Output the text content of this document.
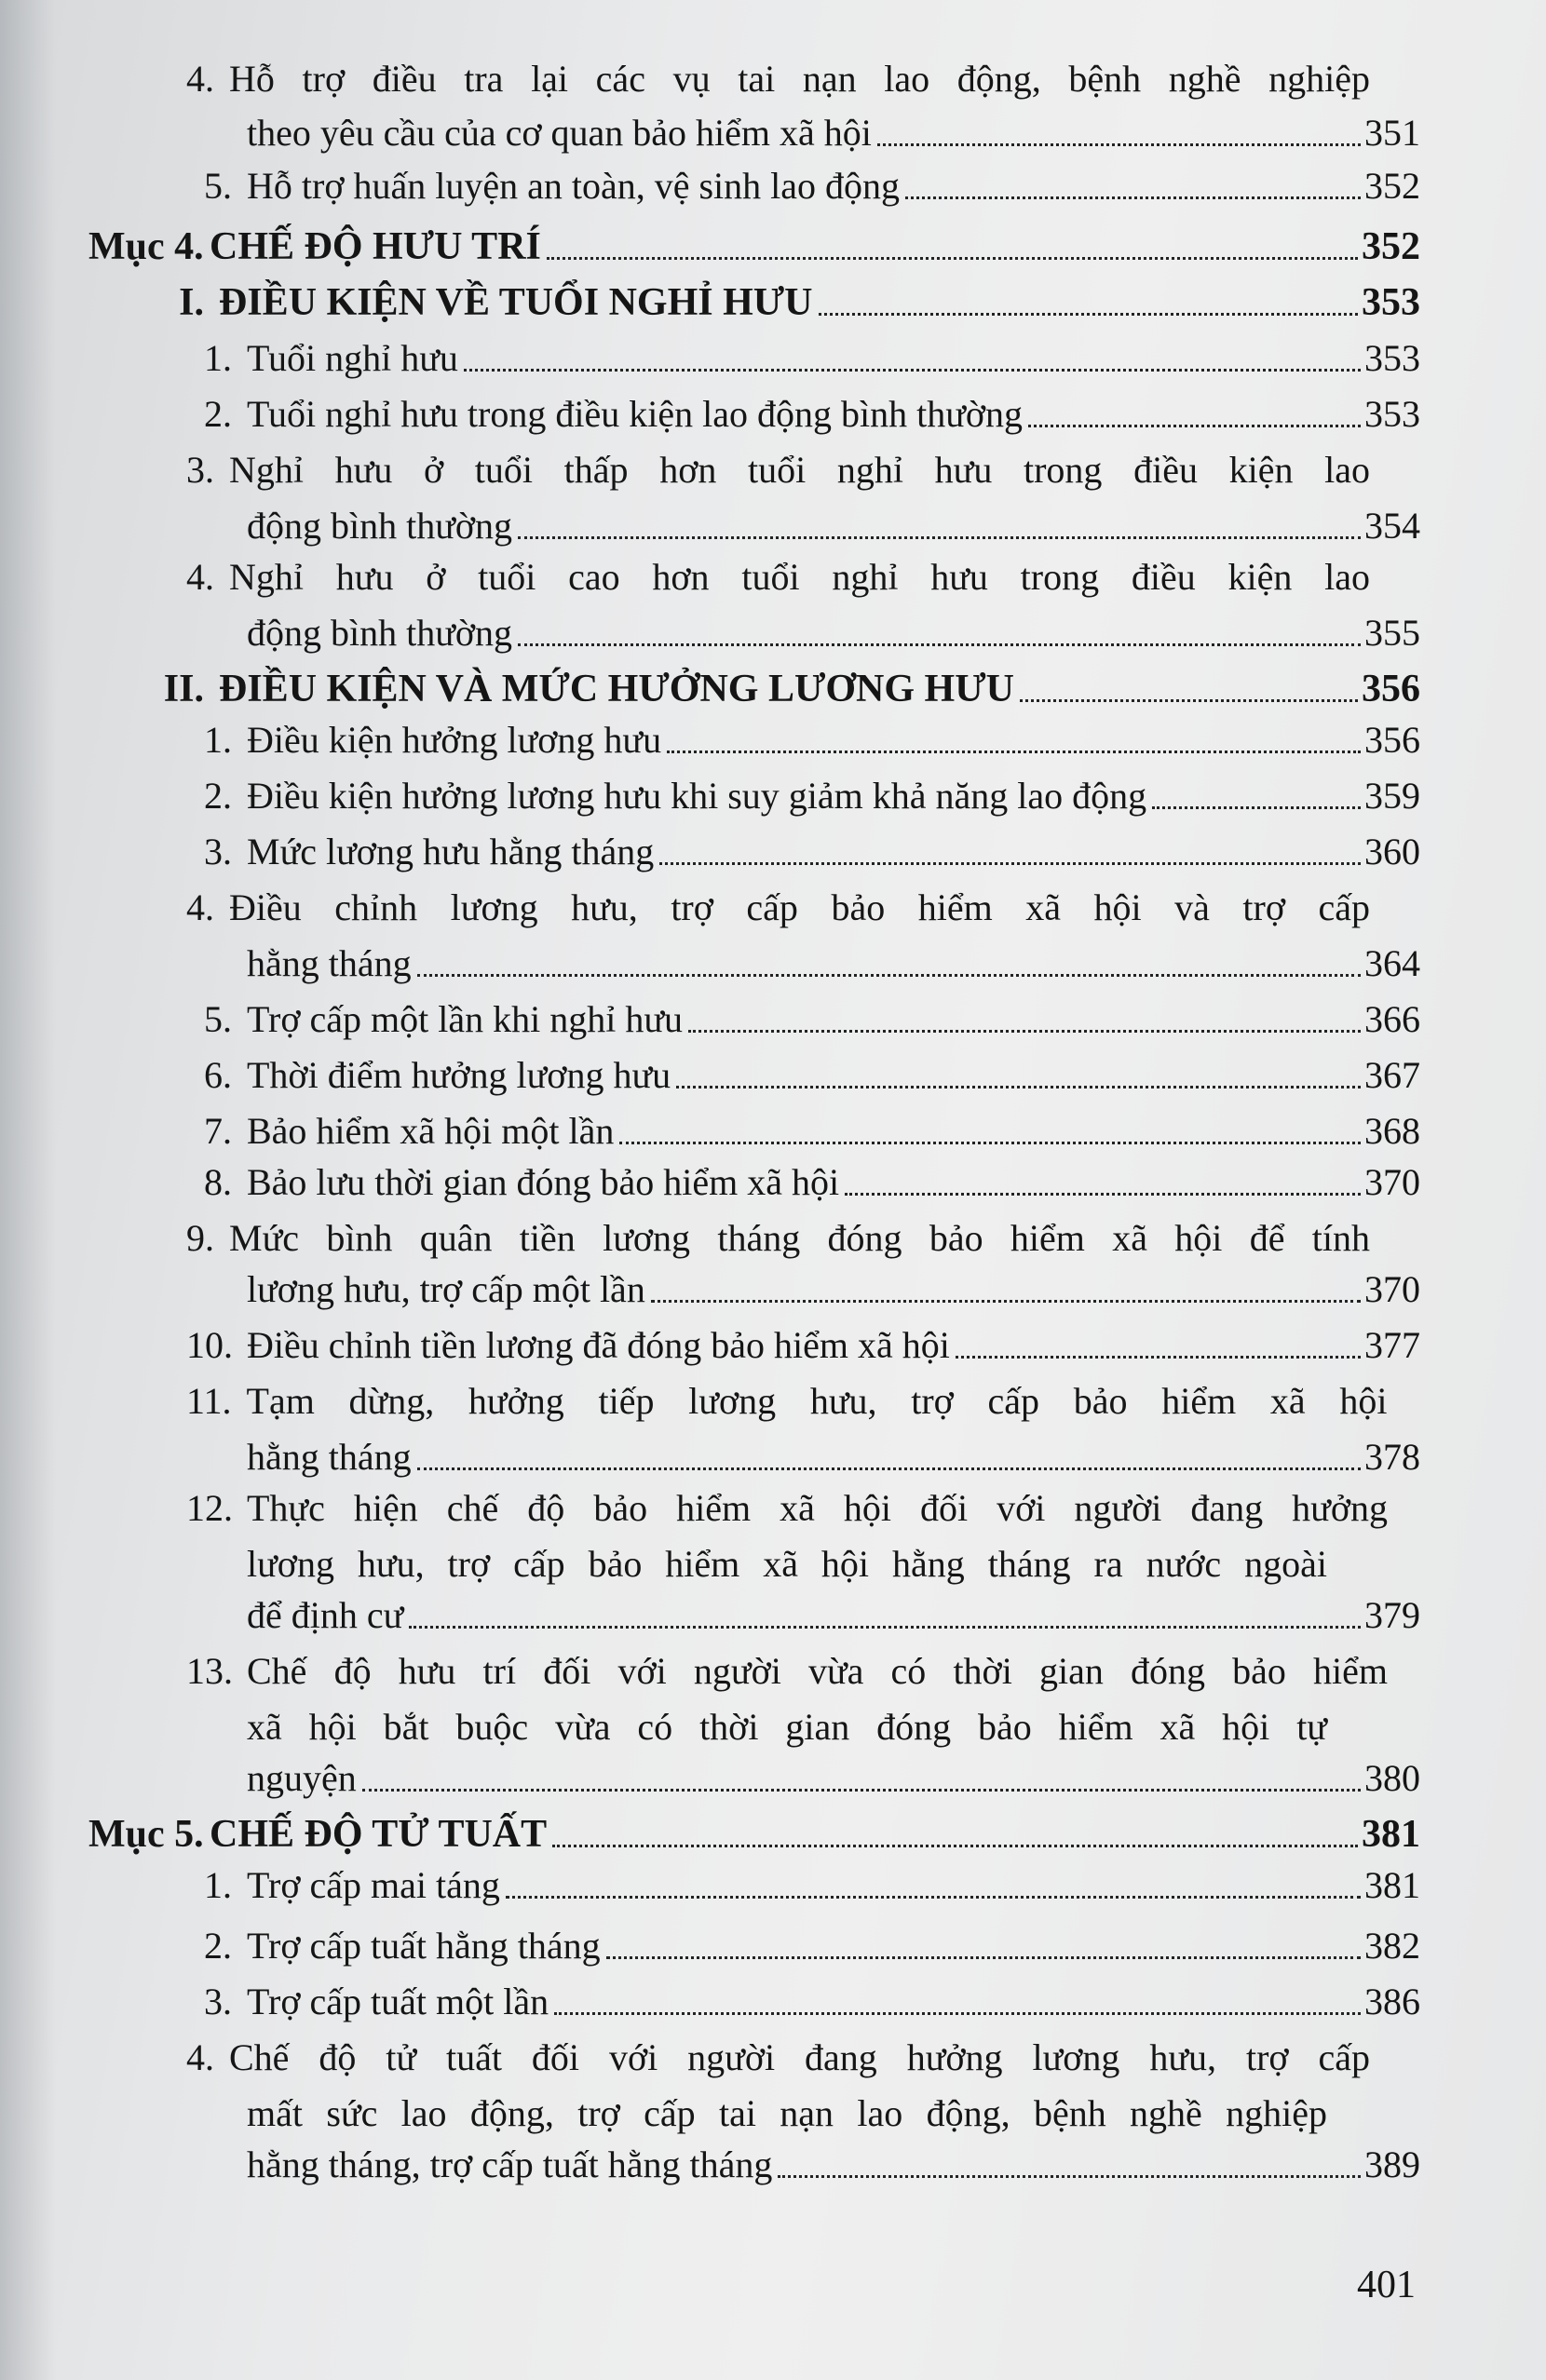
4. Hỗ trợ điều tra lại các vụ tai nạn lao động, bệnh nghề nghiệp
theo yêu cầu của cơ quan bảo hiểm xã hội	351
5. Hỗ trợ huấn luyện an toàn, vệ sinh lao động	352
Mục 4. CHẾ ĐỘ HƯU TRÍ	352
I. ĐIỀU KIỆN VỀ TUỔI NGHỈ HƯU	353
1. Tuổi nghỉ hưu	353
2. Tuổi nghỉ hưu trong điều kiện lao động bình thường	353
3. Nghỉ hưu ở tuổi thấp hơn tuổi nghỉ hưu trong điều kiện lao
động bình thường	354
4. Nghỉ hưu ở tuổi cao hơn tuổi nghỉ hưu trong điều kiện lao
động bình thường	355
II. ĐIỀU KIỆN VÀ MỨC HƯỞNG LƯƠNG HƯU	356
1. Điều kiện hưởng lương hưu	356
2. Điều kiện hưởng lương hưu khi suy giảm khả năng lao động	359
3. Mức lương hưu hằng tháng	360
4. Điều chỉnh lương hưu, trợ cấp bảo hiểm xã hội và trợ cấp
hằng tháng	364
5. Trợ cấp một lần khi nghỉ hưu	366
6. Thời điểm hưởng lương hưu	367
7. Bảo hiểm xã hội một lần	368
8. Bảo lưu thời gian đóng bảo hiểm xã hội	370
9. Mức bình quân tiền lương tháng đóng bảo hiểm xã hội để tính
lương hưu, trợ cấp một lần	370
10. Điều chỉnh tiền lương đã đóng bảo hiểm xã hội	377
11. Tạm dừng, hưởng tiếp lương hưu, trợ cấp bảo hiểm xã hội
hằng tháng	378
12. Thực hiện chế độ bảo hiểm xã hội đối với người đang hưởng
lương hưu, trợ cấp bảo hiểm xã hội hằng tháng ra nước ngoài
để định cư	379
13. Chế độ hưu trí đối với người vừa có thời gian đóng bảo hiểm
xã hội bắt buộc vừa có thời gian đóng bảo hiểm xã hội tự
nguyện	380
Mục 5. CHẾ ĐỘ TỬ TUẤT	381
1. Trợ cấp mai táng	381
2. Trợ cấp tuất hằng tháng	382
3. Trợ cấp tuất một lần	386
4. Chế độ tử tuất đối với người đang hưởng lương hưu, trợ cấp
mất sức lao động, trợ cấp tai nạn lao động, bệnh nghề nghiệp
hằng tháng, trợ cấp tuất hằng tháng	389
401
